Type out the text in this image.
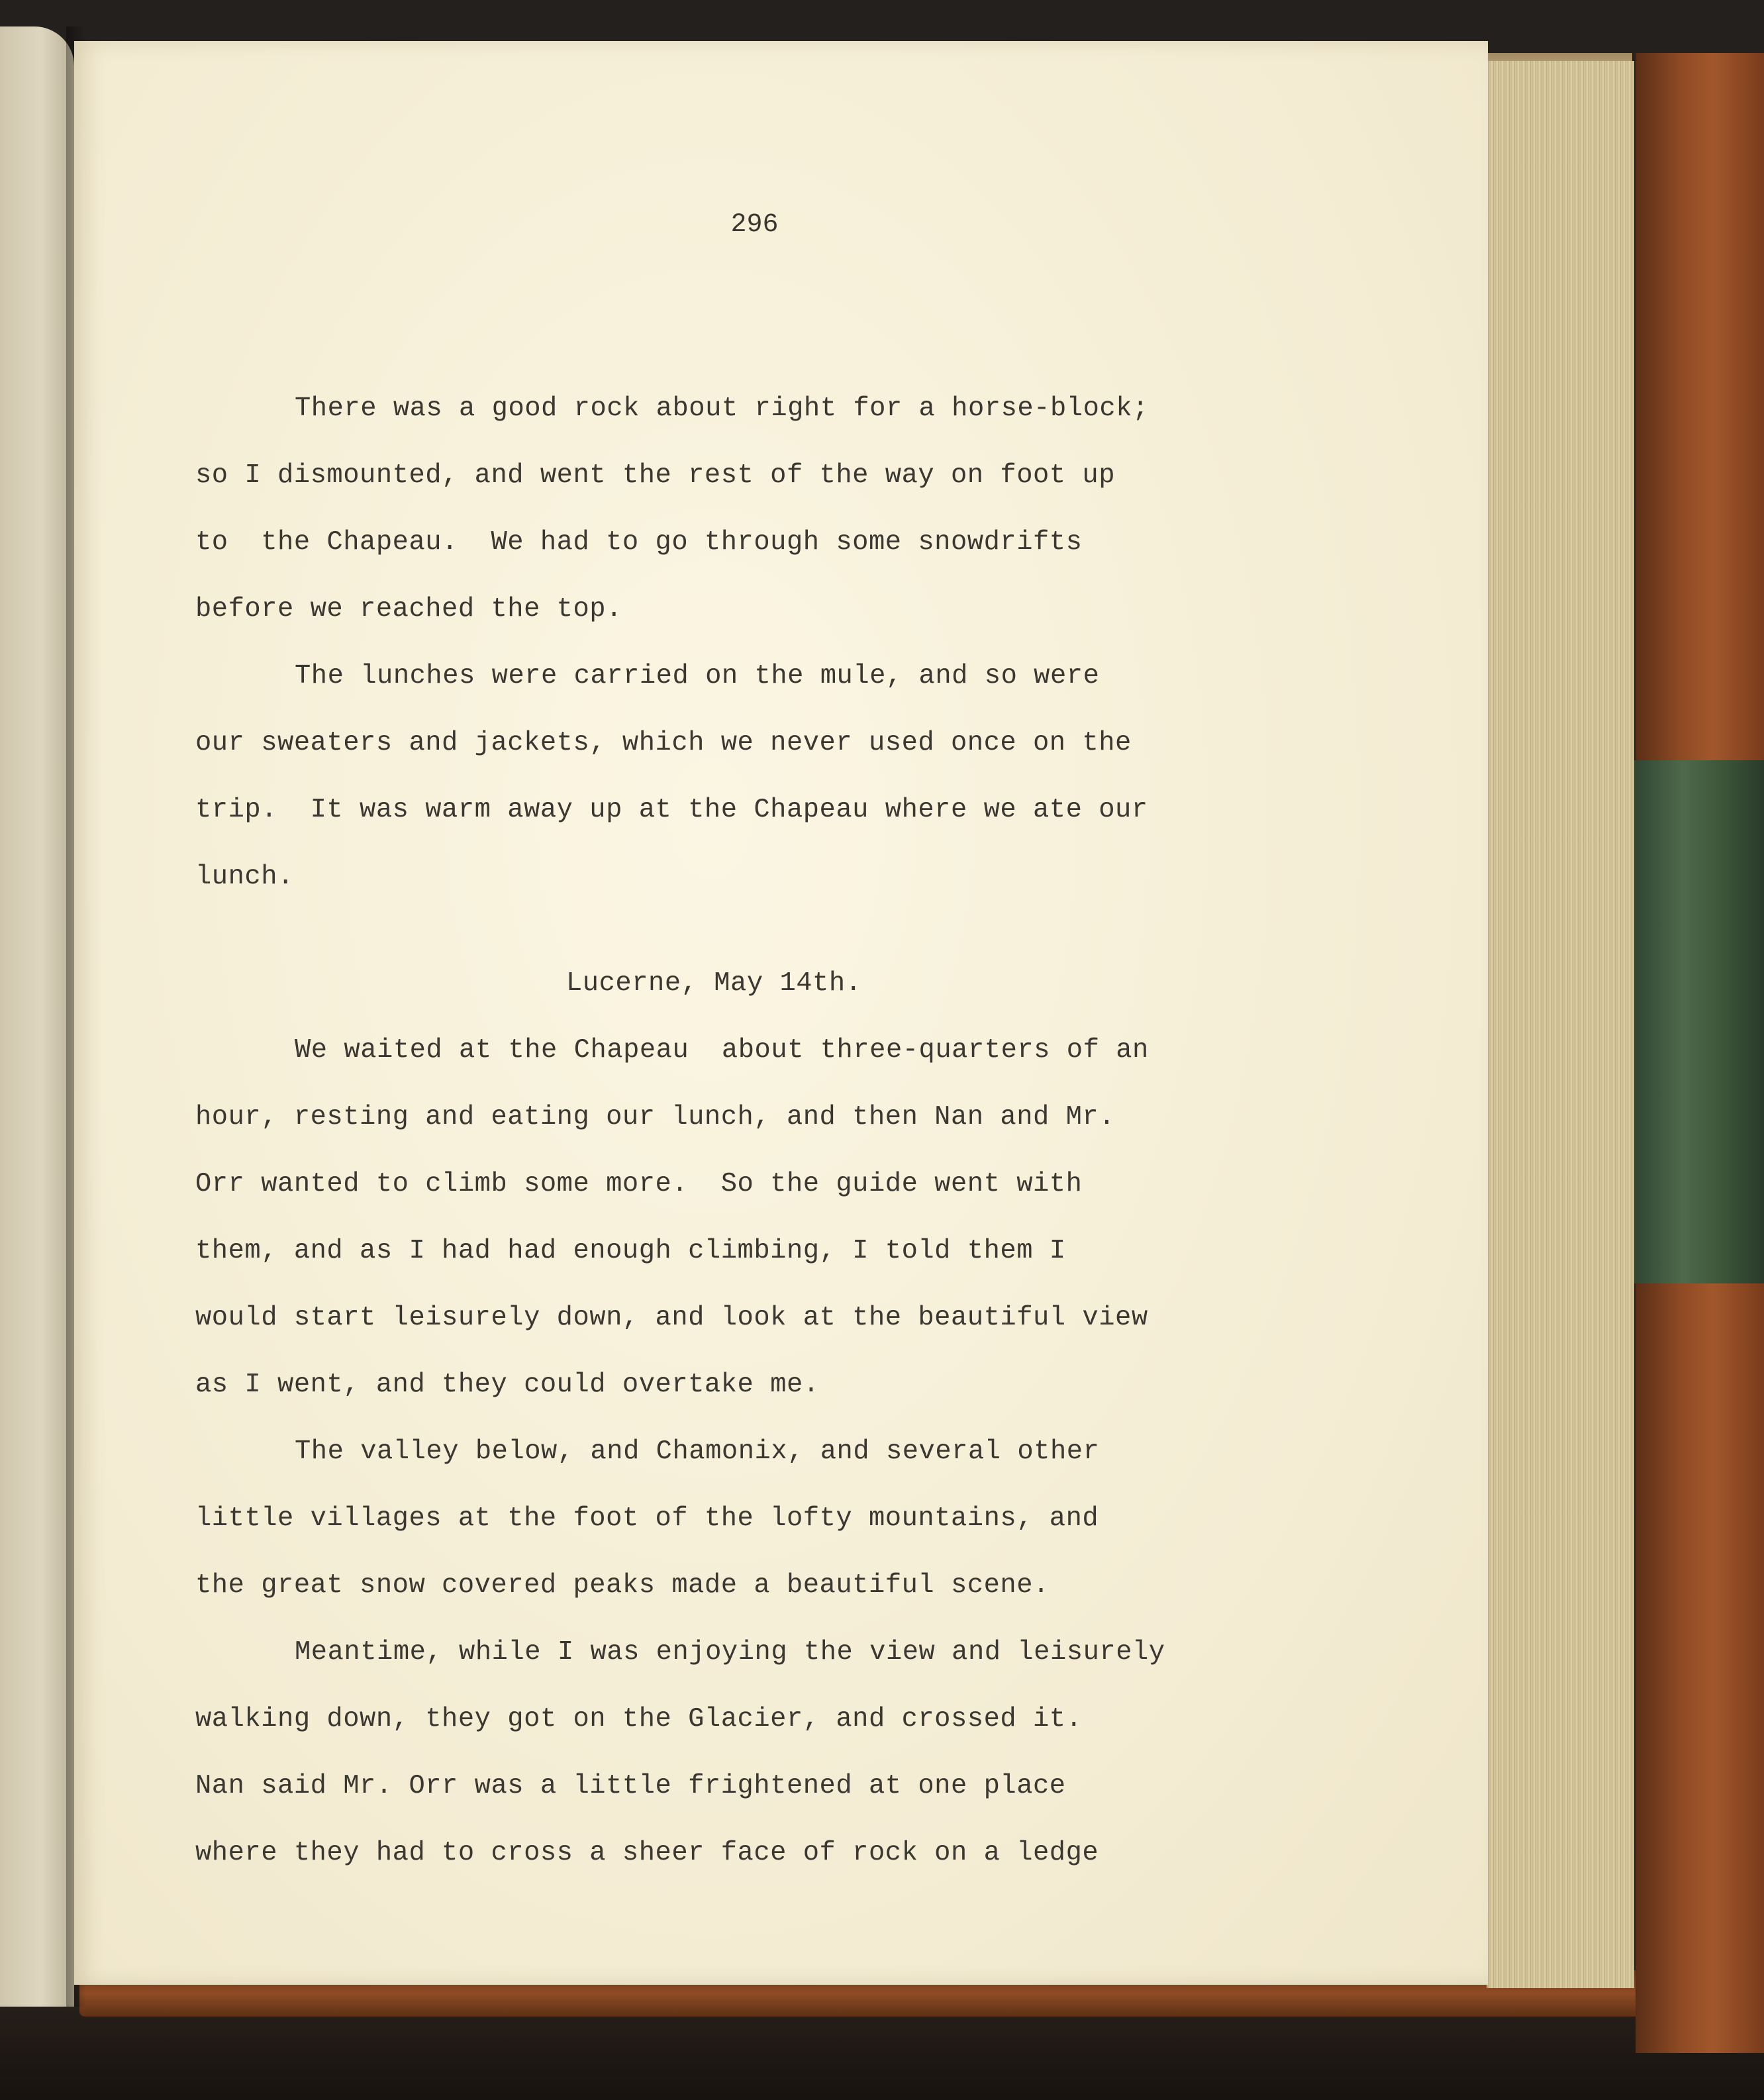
296
There was a good rock about right for a horse-block;
so I dismounted, and went the rest of the way on foot up
to  the Chapeau.  We had to go through some snowdrifts
before we reached the top.
The lunches were carried on the mule, and so were
our sweaters and jackets, which we never used once on the
trip.  It was warm away up at the Chapeau where we ate our
lunch.
Lucerne, May 14th.
We waited at the Chapeau  about three-quarters of an
hour, resting and eating our lunch, and then Nan and Mr.
Orr wanted to climb some more.  So the guide went with
them, and as I had had enough climbing, I told them I
would start leisurely down, and look at the beautiful view
as I went, and they could overtake me.
The valley below, and Chamonix, and several other
little villages at the foot of the lofty mountains, and
the great snow covered peaks made a beautiful scene.
Meantime, while I was enjoying the view and leisurely
walking down, they got on the Glacier, and crossed it.
Nan said Mr. Orr was a little frightened at one place
where they had to cross a sheer face of rock on a ledge
